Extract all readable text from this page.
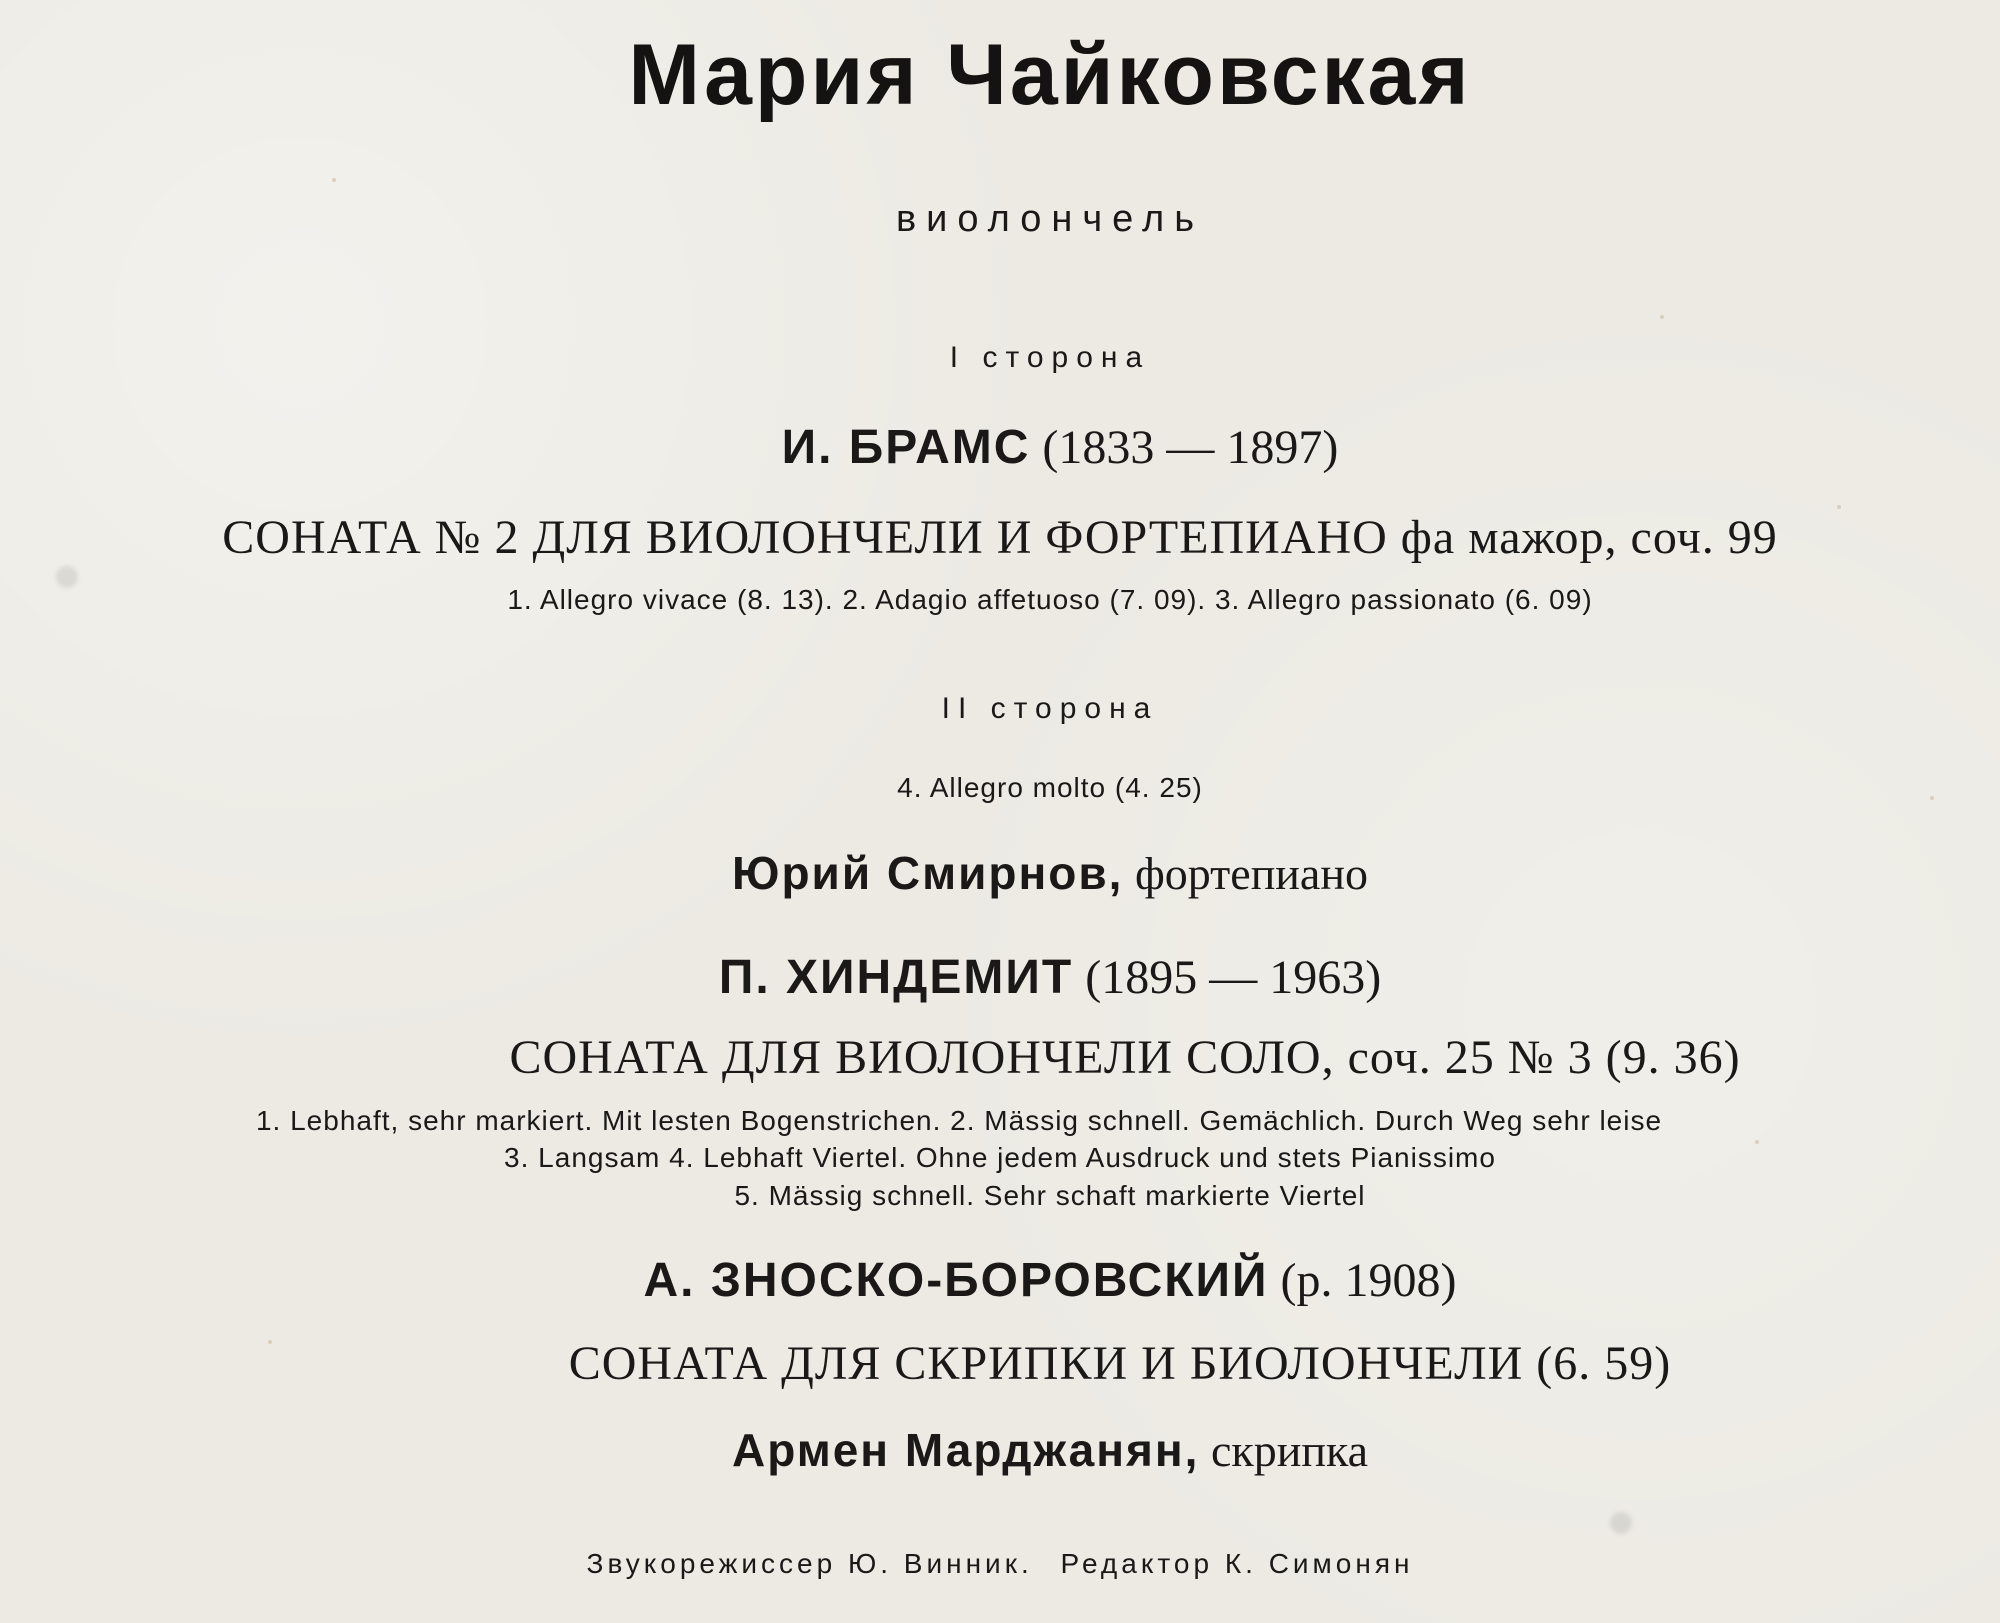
Мария Чайковская
виолончель
I сторона
И. БРАМС (1833 — 1897)
СОНАТА № 2 ДЛЯ ВИОЛОНЧЕЛИ И ФОРТЕПИАНО фа мажор, соч. 99
1. Allegro vivace (8. 13). 2. Adagio affetuoso (7. 09). 3. Allegro passionato (6. 09)
II сторона
4. Allegro molto (4. 25)
Юрий Смирнов, фортепиано
П. ХИНДЕМИТ (1895 — 1963)
СОНАТА ДЛЯ ВИОЛОНЧЕЛИ СОЛО, соч. 25 № 3 (9. 36)
1. Lebhaft, sehr markiert. Mit lesten Bogenstrichen. 2. Mässig schnell. Gemächlich. Durch Weg sehr leise
3. Langsam 4. Lebhaft Viertel. Ohne jedem Ausdruck und stets Pianissimo
5. Mässig schnell. Sehr schaft markierte Viertel
А. ЗНОСКО-БОРОВСКИЙ (р. 1908)
СОНАТА ДЛЯ СКРИПКИ И БИОЛОНЧЕЛИ (6. 59)
Армен Марджанян, скрипка
Звукорежиссер Ю. Винник. Редактор К. Симонян
